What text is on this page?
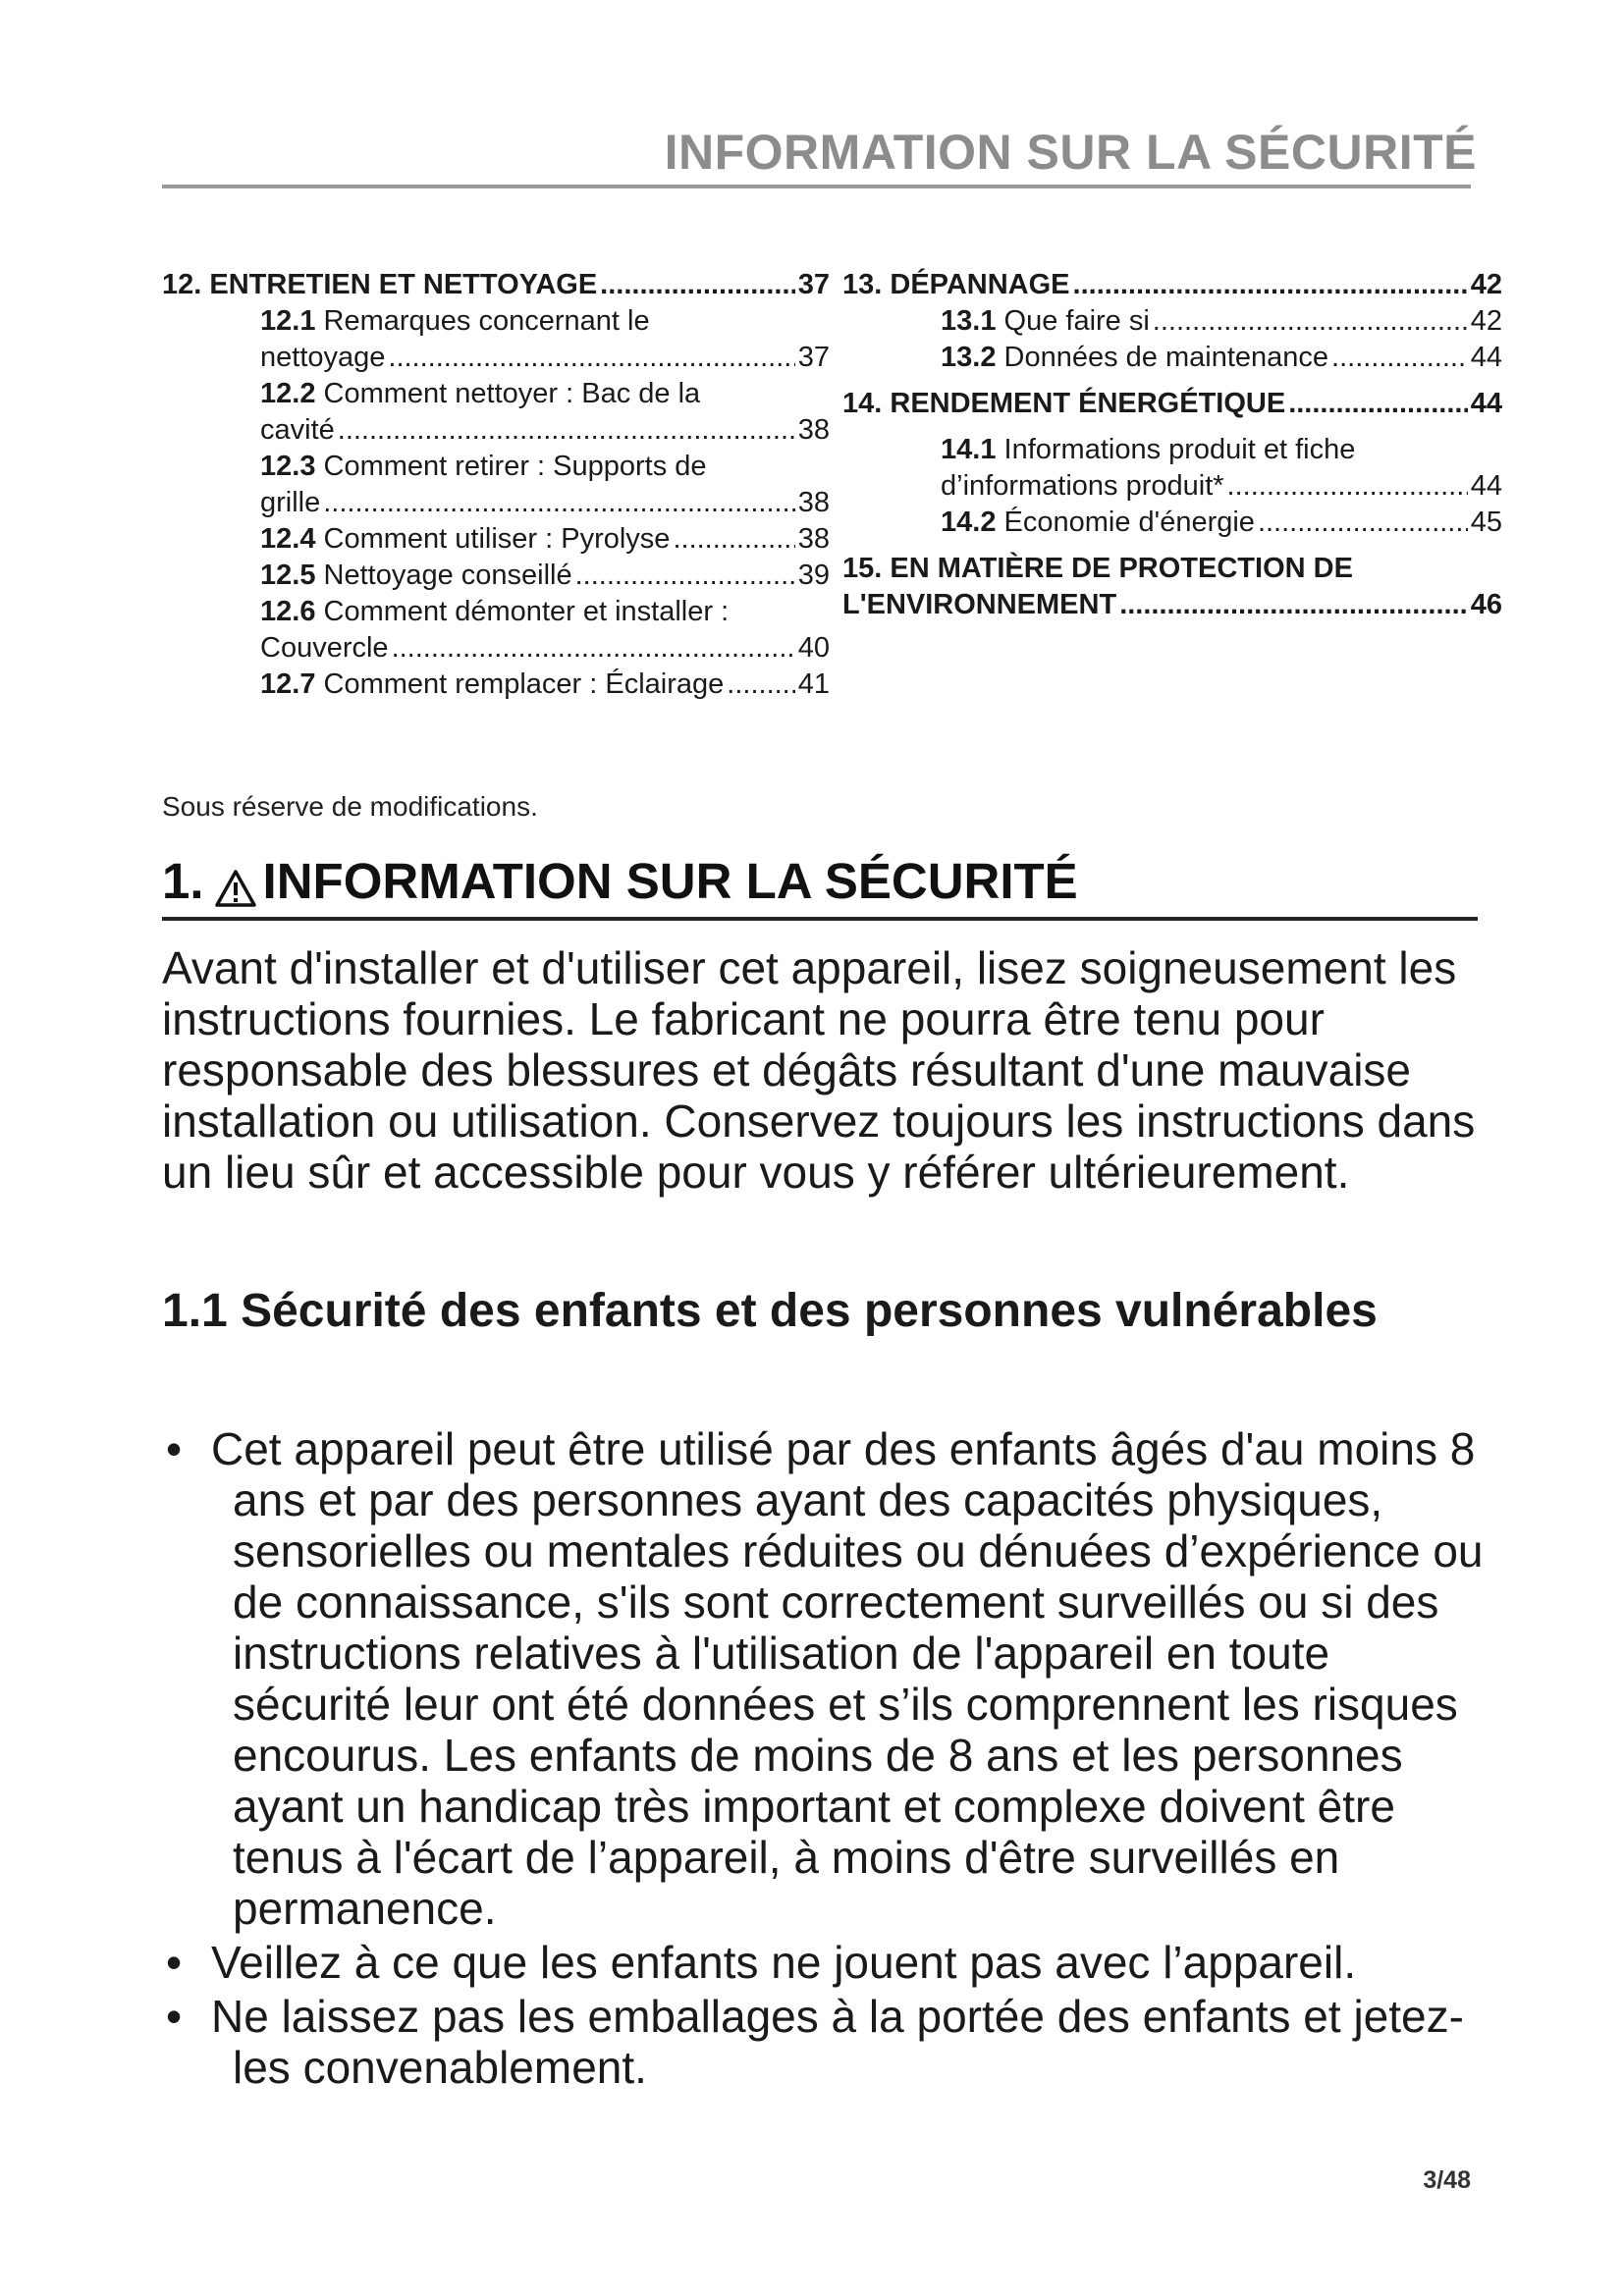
INFORMATION SUR LA SÉCURITÉ
12. ENTRETIEN ET NETTOYAGE .....	37
12.1 Remarques concernant le
nettoyage .....	37
12.2 Comment nettoyer : Bac de la
cavité .....	38
12.3 Comment retirer : Supports de
grille .....	38
12.4 Comment utiliser : Pyrolyse .....	38
12.5 Nettoyage conseillé .....	39
12.6 Comment démonter et installer :
Couvercle .....	40
12.7 Comment remplacer : Éclairage .....	41
13. DÉPANNAGE .....	42
13.1 Que faire si .....	42
13.2 Données de maintenance .....	44
14. RENDEMENT ÉNERGÉTIQUE .....	44
14.1 Informations produit et fiche
d’informations produit* .....	44
14.2 Économie d'énergie .....	45
15. EN MATIÈRE DE PROTECTION DE
L'ENVIRONNEMENT .....	46
Sous réserve de modifications.
1. INFORMATION SUR LA SÉCURITÉ
Avant d'installer et d'utiliser cet appareil, lisez soigneusement les instructions fournies. Le fabricant ne pourra être tenu pour responsable des blessures et dégâts résultant d'une mauvaise installation ou utilisation. Conservez toujours les instructions dans un lieu sûr et accessible pour vous y référer ultérieurement.
1.1 Sécurité des enfants et des personnes vulnérables
• Cet appareil peut être utilisé par des enfants âgés d'au moins 8 ans et par des personnes ayant des capacités physiques, sensorielles ou mentales réduites ou dénuées d’expérience ou de connaissance, s'ils sont correctement surveillés ou si des instructions relatives à l'utilisation de l'appareil en toute sécurité leur ont été données et s’ils comprennent les risques encourus. Les enfants de moins de 8 ans et les personnes ayant un handicap très important et complexe doivent être tenus à l'écart de l’appareil, à moins d'être surveillés en permanence.
• Veillez à ce que les enfants ne jouent pas avec l’appareil.
• Ne laissez pas les emballages à la portée des enfants et jetez-les convenablement.
3/48
